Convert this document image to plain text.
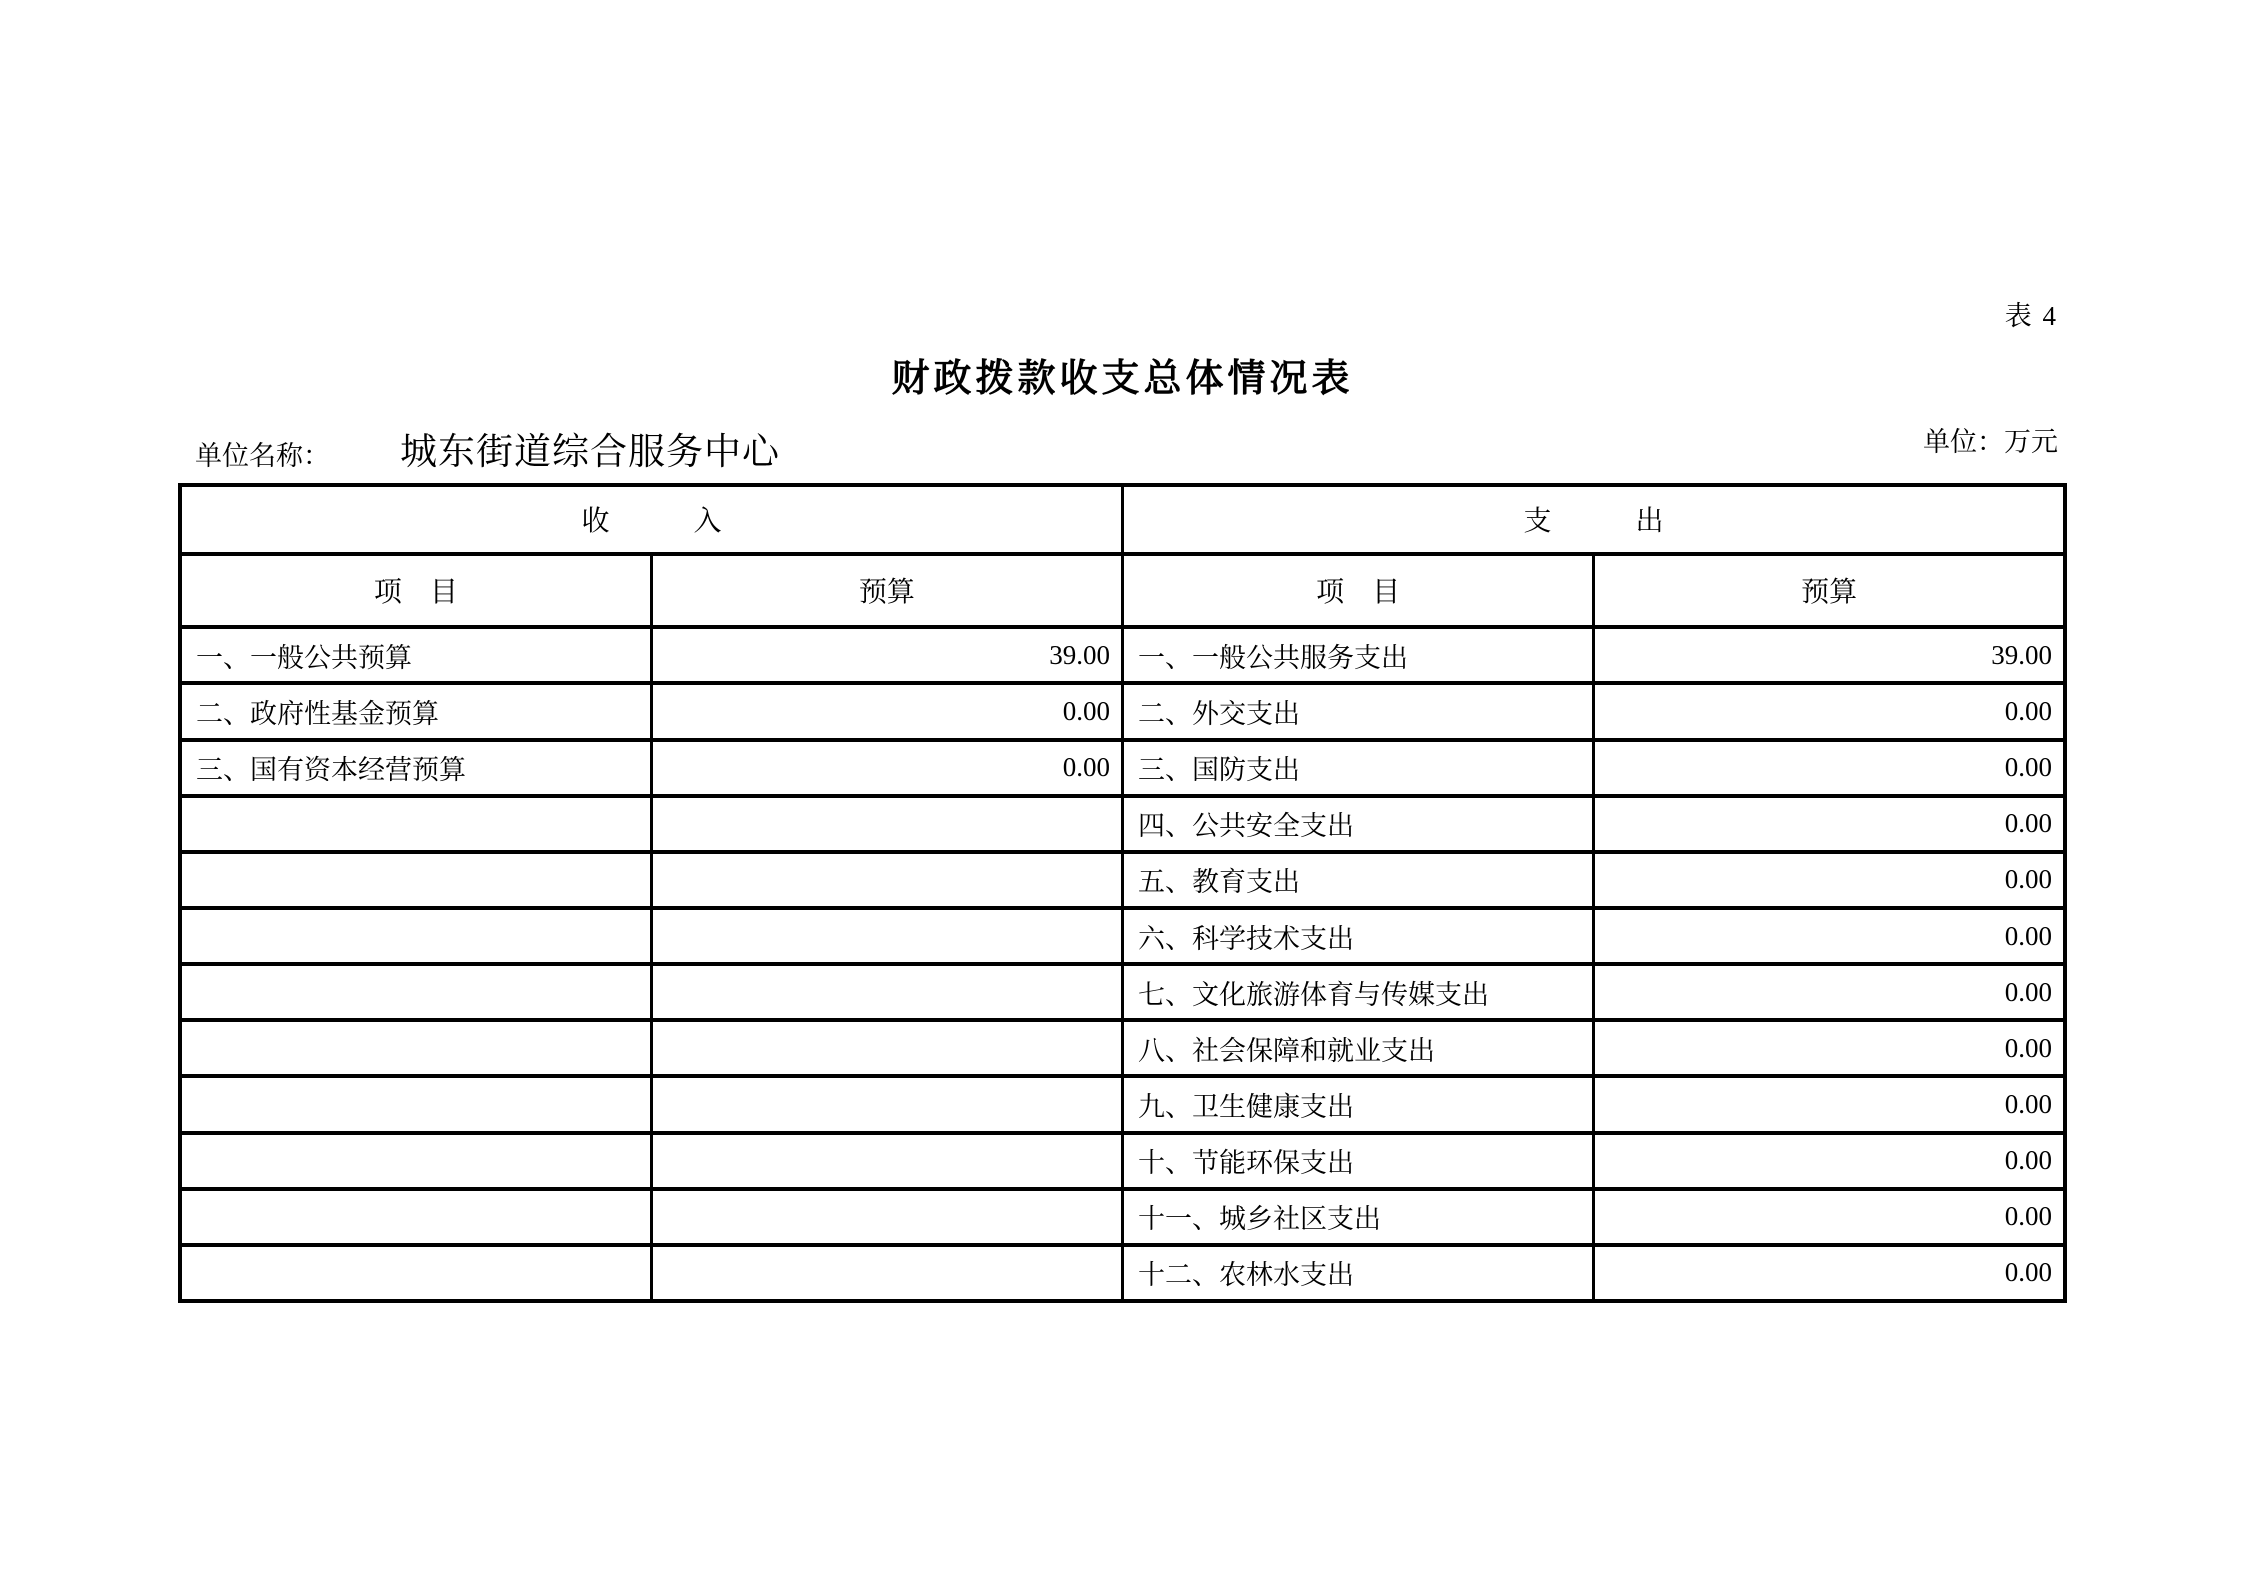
表 4
财政拨款收支总体情况表
单位名称： 城东街道综合服务中心	单位：万元
收　　　入		支　　　出	
项　目	预算	项　目	预算
一、一般公共预算	39.00	一、一般公共服务支出	39.00
二、政府性基金预算	0.00	二、外交支出	0.00
三、国有资本经营预算	0.00	三、国防支出	0.00
		四、公共安全支出	0.00
		五、教育支出	0.00
		六、科学技术支出	0.00
		七、文化旅游体育与传媒支出	0.00
		八、社会保障和就业支出	0.00
		九、卫生健康支出	0.00
		十、节能环保支出	0.00
		十一、城乡社区支出	0.00
		十二、农林水支出	0.00
